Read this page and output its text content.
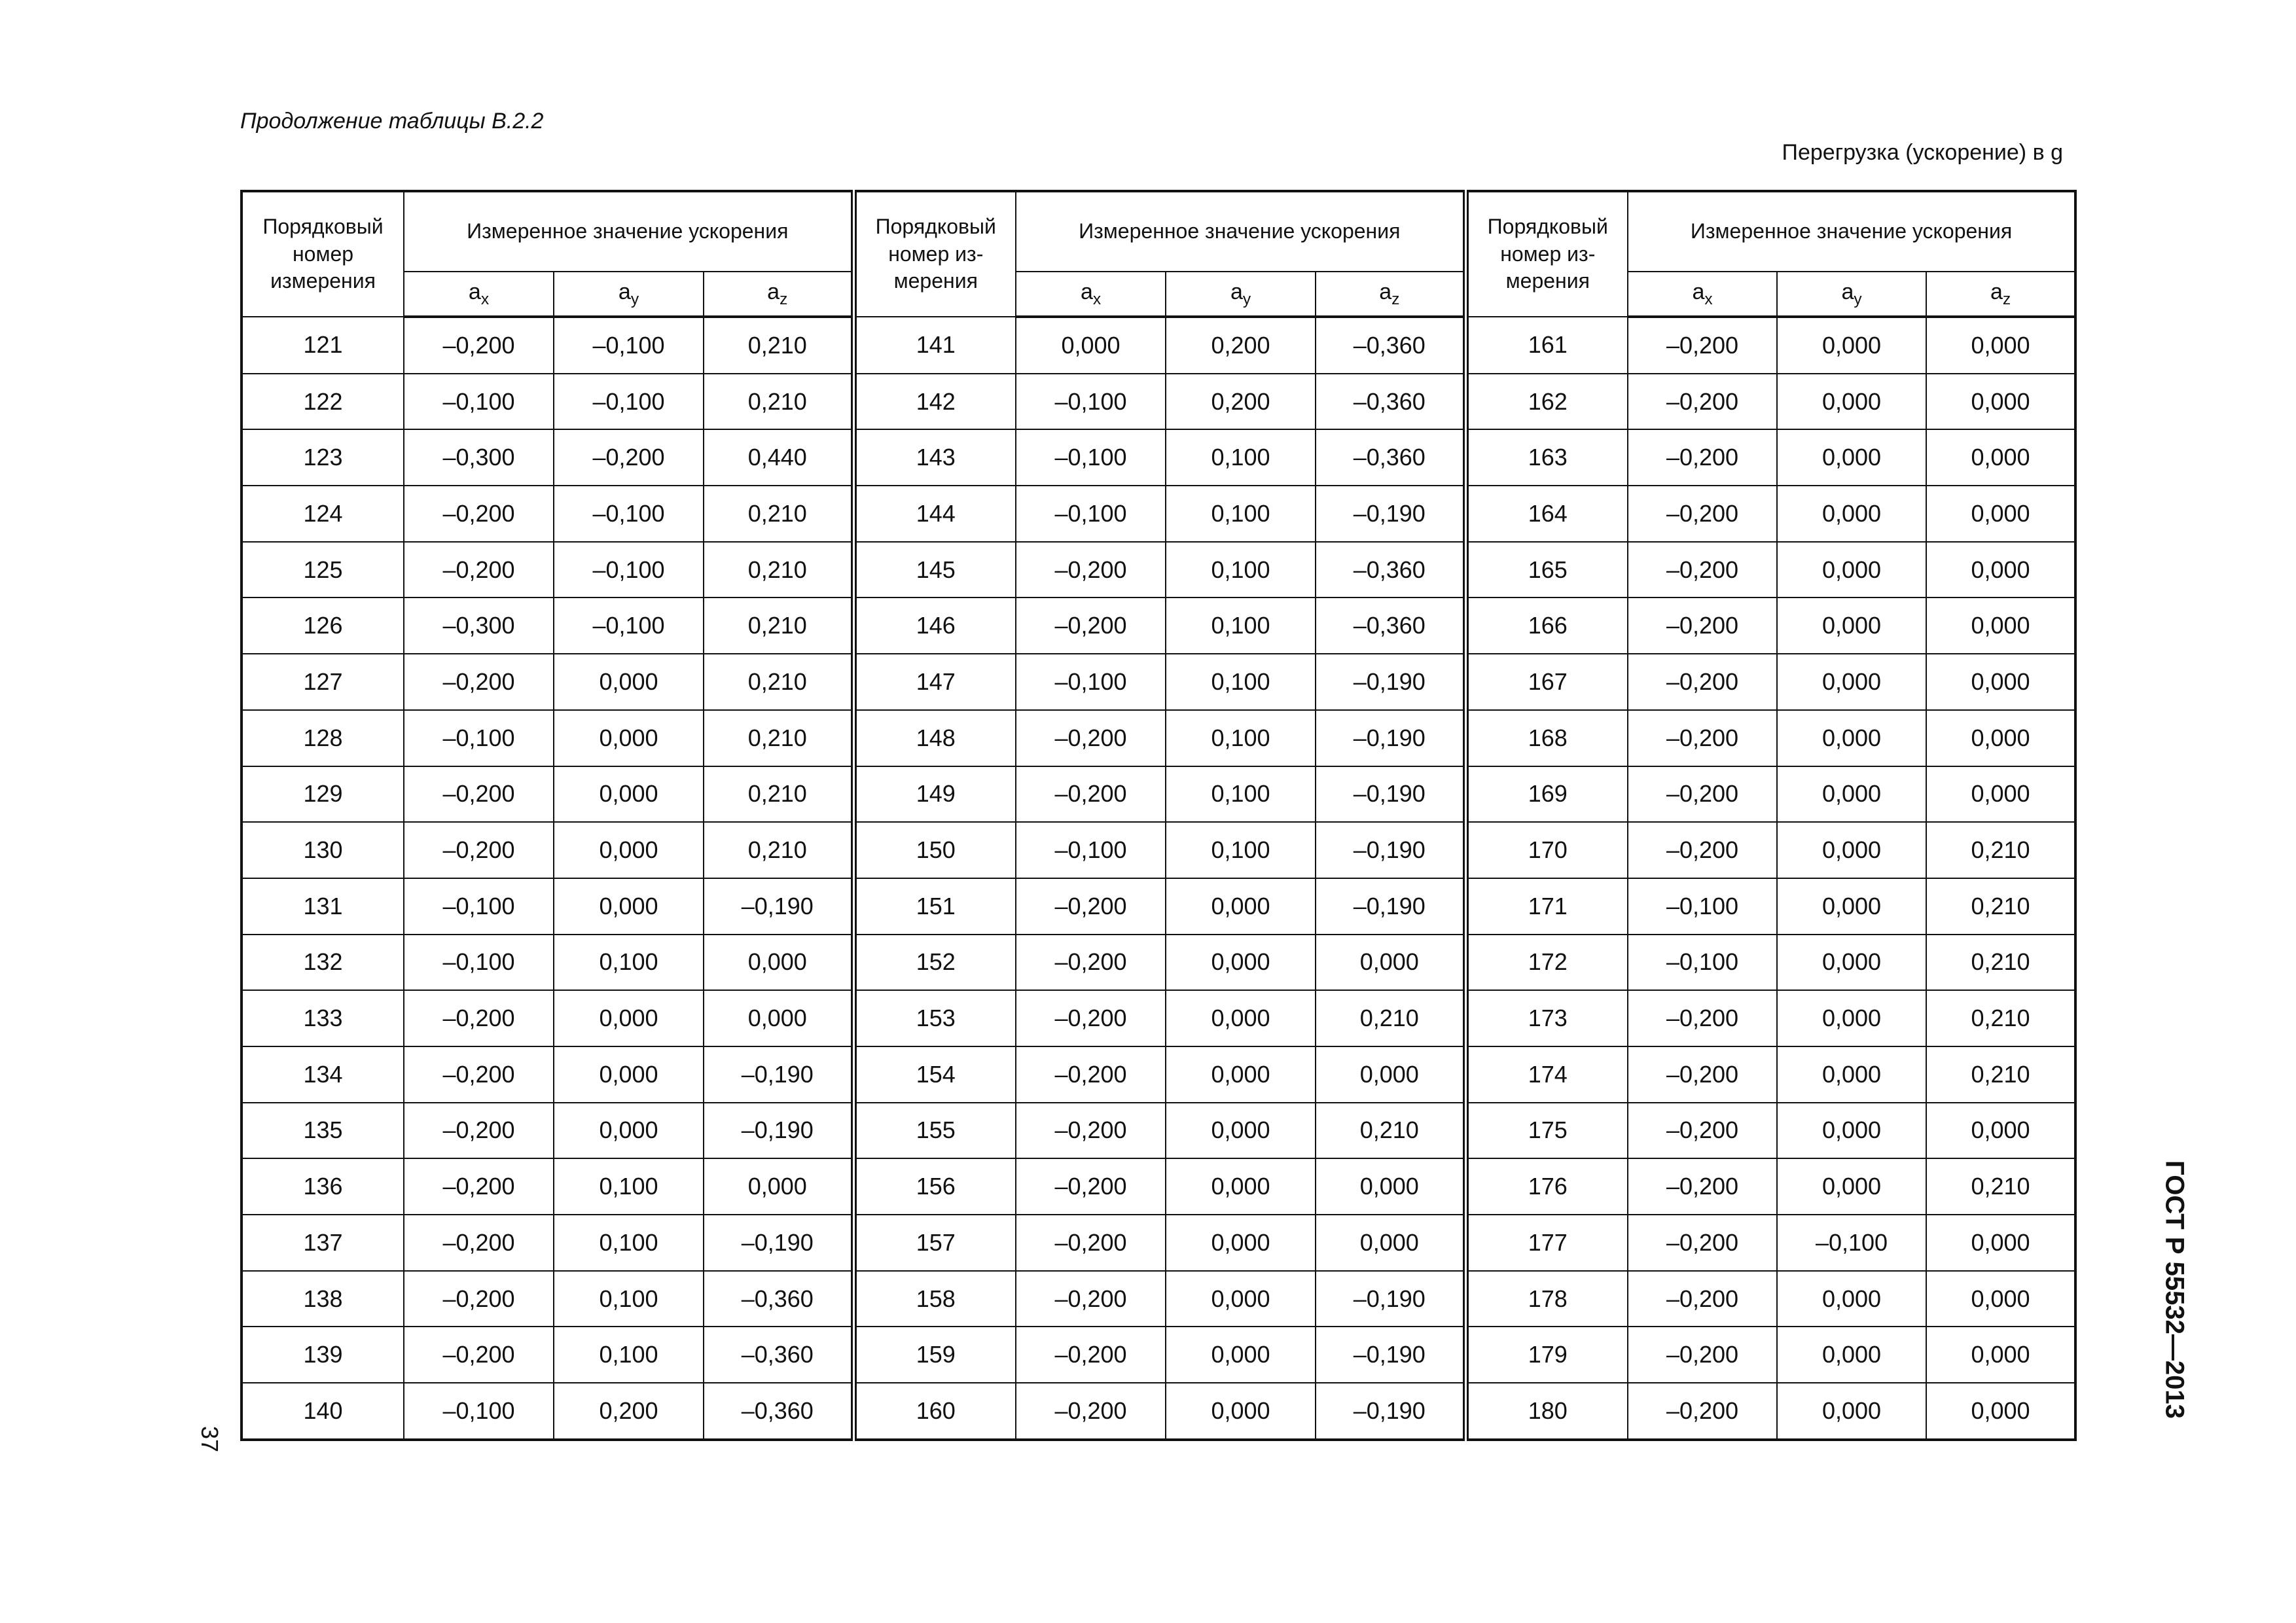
Продолжение таблицы В.2.2
Перегрузка (ускорение) в g
Порядковый номер измерения	Измеренное значение ускорения			Порядковый номер из-мерения	Измеренное значение ускорения			Порядковый номер из-мерения	Измеренное значение ускорения		
	$a_x$	$a_y$	$a_z$		$a_x$	$a_y$	$a_z$		$a_x$	$a_y$	$a_z$
121	–0,200	–0,100	0,210	141	0,000	0,200	–0,360	161	–0,200	0,000	0,000
122	–0,100	–0,100	0,210	142	–0,100	0,200	–0,360	162	–0,200	0,000	0,000
123	–0,300	–0,200	0,440	143	–0,100	0,100	–0,360	163	–0,200	0,000	0,000
124	–0,200	–0,100	0,210	144	–0,100	0,100	–0,190	164	–0,200	0,000	0,000
125	–0,200	–0,100	0,210	145	–0,200	0,100	–0,360	165	–0,200	0,000	0,000
126	–0,300	–0,100	0,210	146	–0,200	0,100	–0,360	166	–0,200	0,000	0,000
127	–0,200	0,000	0,210	147	–0,100	0,100	–0,190	167	–0,200	0,000	0,000
128	–0,100	0,000	0,210	148	–0,200	0,100	–0,190	168	–0,200	0,000	0,000
129	–0,200	0,000	0,210	149	–0,200	0,100	–0,190	169	–0,200	0,000	0,000
130	–0,200	0,000	0,210	150	–0,100	0,100	–0,190	170	–0,200	0,000	0,210
131	–0,100	0,000	–0,190	151	–0,200	0,000	–0,190	171	–0,100	0,000	0,210
132	–0,100	0,100	0,000	152	–0,200	0,000	0,000	172	–0,100	0,000	0,210
133	–0,200	0,000	0,000	153	–0,200	0,000	0,210	173	–0,200	0,000	0,210
134	–0,200	0,000	–0,190	154	–0,200	0,000	0,000	174	–0,200	0,000	0,210
135	–0,200	0,000	–0,190	155	–0,200	0,000	0,210	175	–0,200	0,000	0,000
136	–0,200	0,100	0,000	156	–0,200	0,000	0,000	176	–0,200	0,000	0,210
137	–0,200	0,100	–0,190	157	–0,200	0,000	0,000	177	–0,200	–0,100	0,000
138	–0,200	0,100	–0,360	158	–0,200	0,000	–0,190	178	–0,200	0,000	0,000
139	–0,200	0,100	–0,360	159	–0,200	0,000	–0,190	179	–0,200	0,000	0,000
140	–0,100	0,200	–0,360	160	–0,200	0,000	–0,190	180	–0,200	0,000	0,000
37
ГОСТ Р 55532—2013
